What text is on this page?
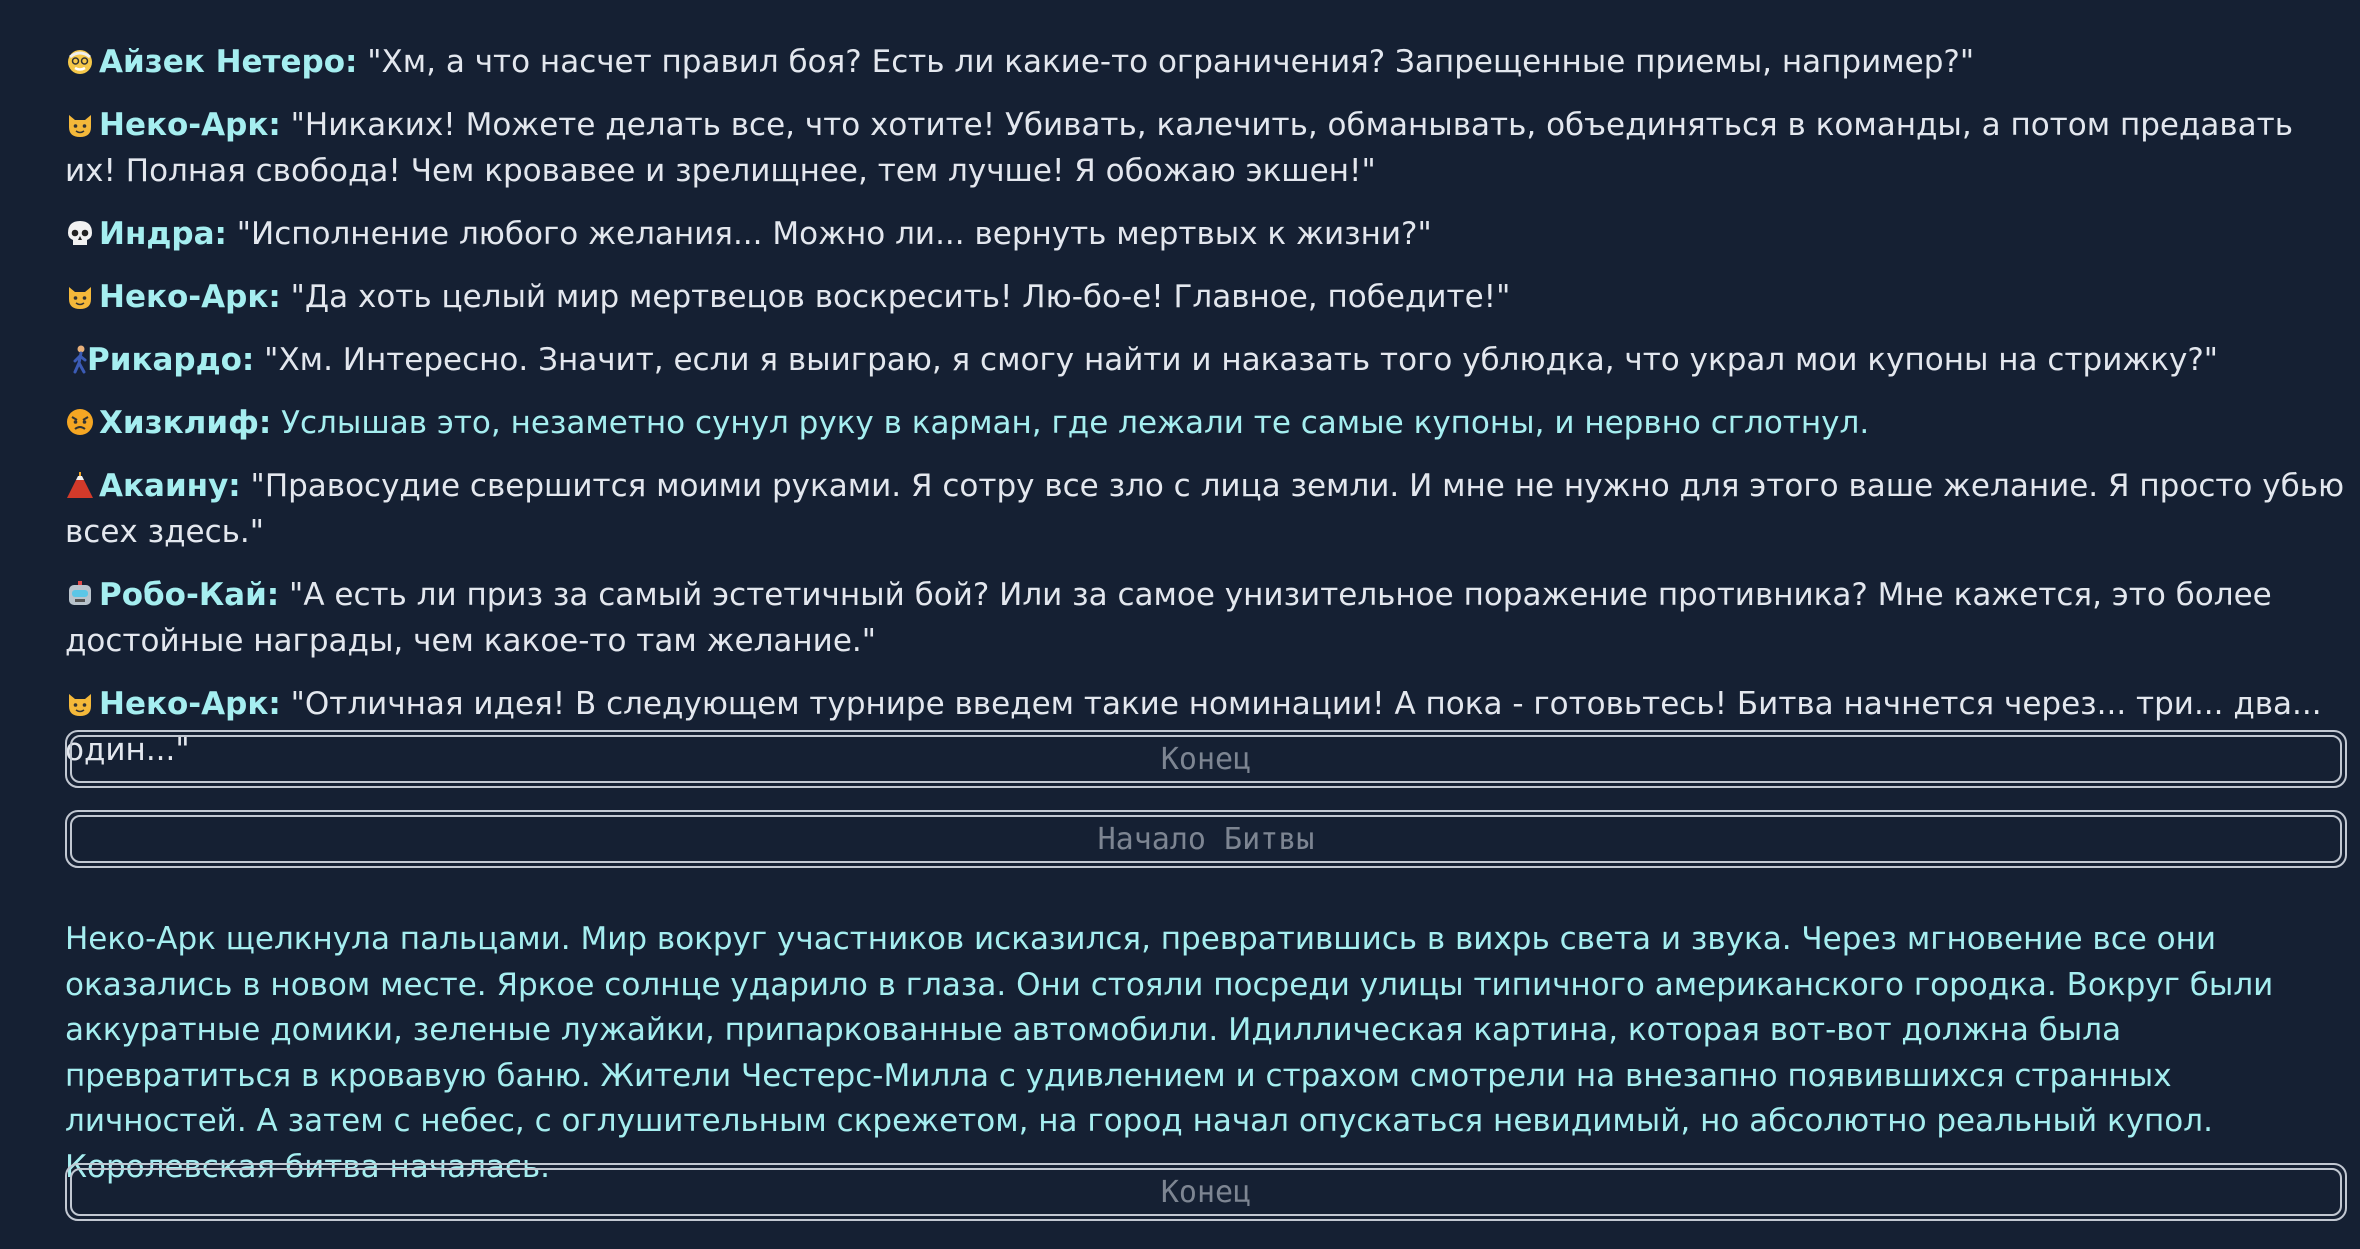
Айзек Нетеро: "Хм, а что насчет правил боя? Есть ли какие-то ограничения? Запрещенные приемы, например?"

Неко-Арк: "Никаких! Можете делать все, что хотите! Убивать, калечить, обманывать, объединяться в команды, а потом предавать их! Полная свобода! Чем кровавее и зрелищнее, тем лучше! Я обожаю экшен!"

Индра: "Исполнение любого желания... Можно ли... вернуть мертвых к жизни?"

Неко-Арк: "Да хоть целый мир мертвецов воскресить! Лю-бо-е! Главное, победите!"

Рикардо: "Хм. Интересно. Значит, если я выиграю, я смогу найти и наказать того ублюдка, что украл мои купоны на стрижку?"

Хизклиф: Услышав это, незаметно сунул руку в карман, где лежали те самые купоны, и нервно сглотнул.

Акаину: "Правосудие свершится моими руками. Я сотру все зло с лица земли. И мне не нужно для этого ваше желание. Я просто убью всех здесь."

Робо-Кай: "А есть ли приз за самый эстетичный бой? Или за самое унизительное поражение противника? Мне кажется, это более достойные награды, чем какое-то там желание."

Неко-Арк: "Отличная идея! В следующем турнире введем такие номинации! А пока - готовьтесь! Битва начнется через... три... два... один..."	Конец
Начало Битвы
Неко-Арк щелкнула пальцами. Мир вокруг участников исказился, превратившись в вихрь света и звука. Через мгновение все они оказались в новом месте. Яркое солнце ударило в глаза. Они стояли посреди улицы типичного американского городка. Вокруг были аккуратные домики, зеленые лужайки, припаркованные автомобили. Идиллическая картина, которая вот-вот должна была превратиться в кровавую баню. Жители Честерс-Милла с удивлением и страхом смотрели на внезапно появившихся странных личностей. А затем с небес, с оглушительным скрежетом, на город начал опускаться невидимый, но абсолютно реальный купол. Королевская битва началась.
Конец
